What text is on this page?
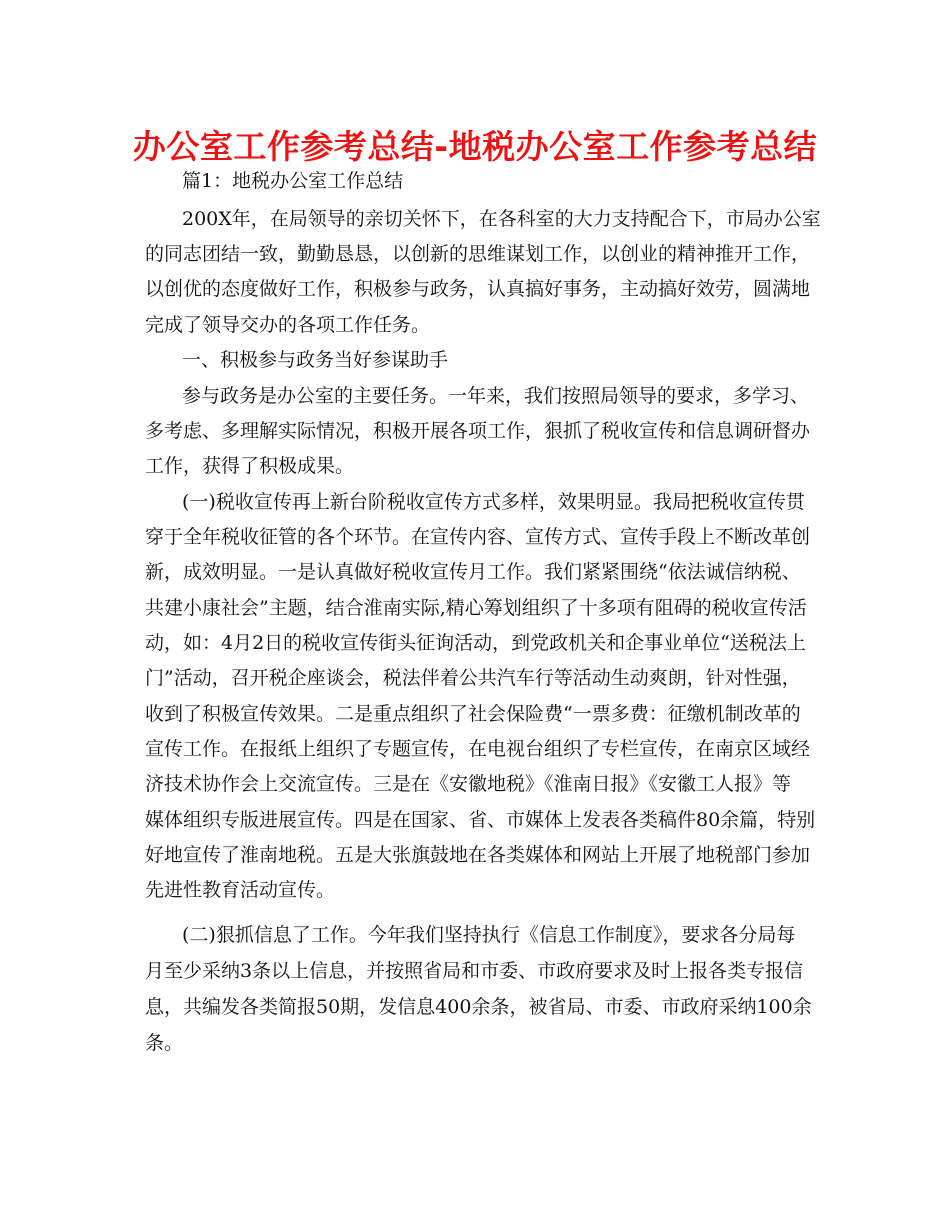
办公室工作参考总结-地税办公室工作参考总结

篇1：地税办公室工作总结

200X年，在局领导的亲切关怀下，在各科室的大力支持配合下，市局办公室

的同志团结一致，勤勤恳恳，以创新的思维谋划工作，以创业的精神推开工作，

以创优的态度做好工作，积极参与政务，认真搞好事务，主动搞好效劳，圆满地

完成了领导交办的各项工作任务。

一、积极参与政务当好参谋助手

参与政务是办公室的主要任务。一年来，我们按照局领导的要求，多学习、

多考虑、多理解实际情况，积极开展各项工作，狠抓了税收宣传和信息调研督办

工作，获得了积极成果。

(一)税收宣传再上新台阶税收宣传方式多样，效果明显。我局把税收宣传贯

穿于全年税收征管的各个环节。在宣传内容、宣传方式、宣传手段上不断改革创

新，成效明显。一是认真做好税收宣传月工作。我们紧紧围绕“依法诚信纳税、

共建小康社会”主题，结合淮南实际,精心筹划组织了十多项有阻碍的税收宣传活

动，如：4月2日的税收宣传街头征询活动，到党政机关和企事业单位“送税法上

门”活动，召开税企座谈会，税法伴着公共汽车行等活动生动爽朗，针对性强，

收到了积极宣传效果。二是重点组织了社会保险费“一票多费：征缴机制改革的

宣传工作。在报纸上组织了专题宣传，在电视台组织了专栏宣传，在南京区域经

济技术协作会上交流宣传。三是在《安徽地税》《淮南日报》《安徽工人报》等

媒体组织专版进展宣传。四是在国家、省、市媒体上发表各类稿件80余篇，特别

好地宣传了淮南地税。五是大张旗鼓地在各类媒体和网站上开展了地税部门参加

先进性教育活动宣传。

(二)狠抓信息了工作。今年我们坚持执行《信息工作制度》，要求各分局每

月至少采纳3条以上信息，并按照省局和市委、市政府要求及时上报各类专报信

息，共编发各类简报50期，发信息400余条，被省局、市委、市政府采纳100余

条。
